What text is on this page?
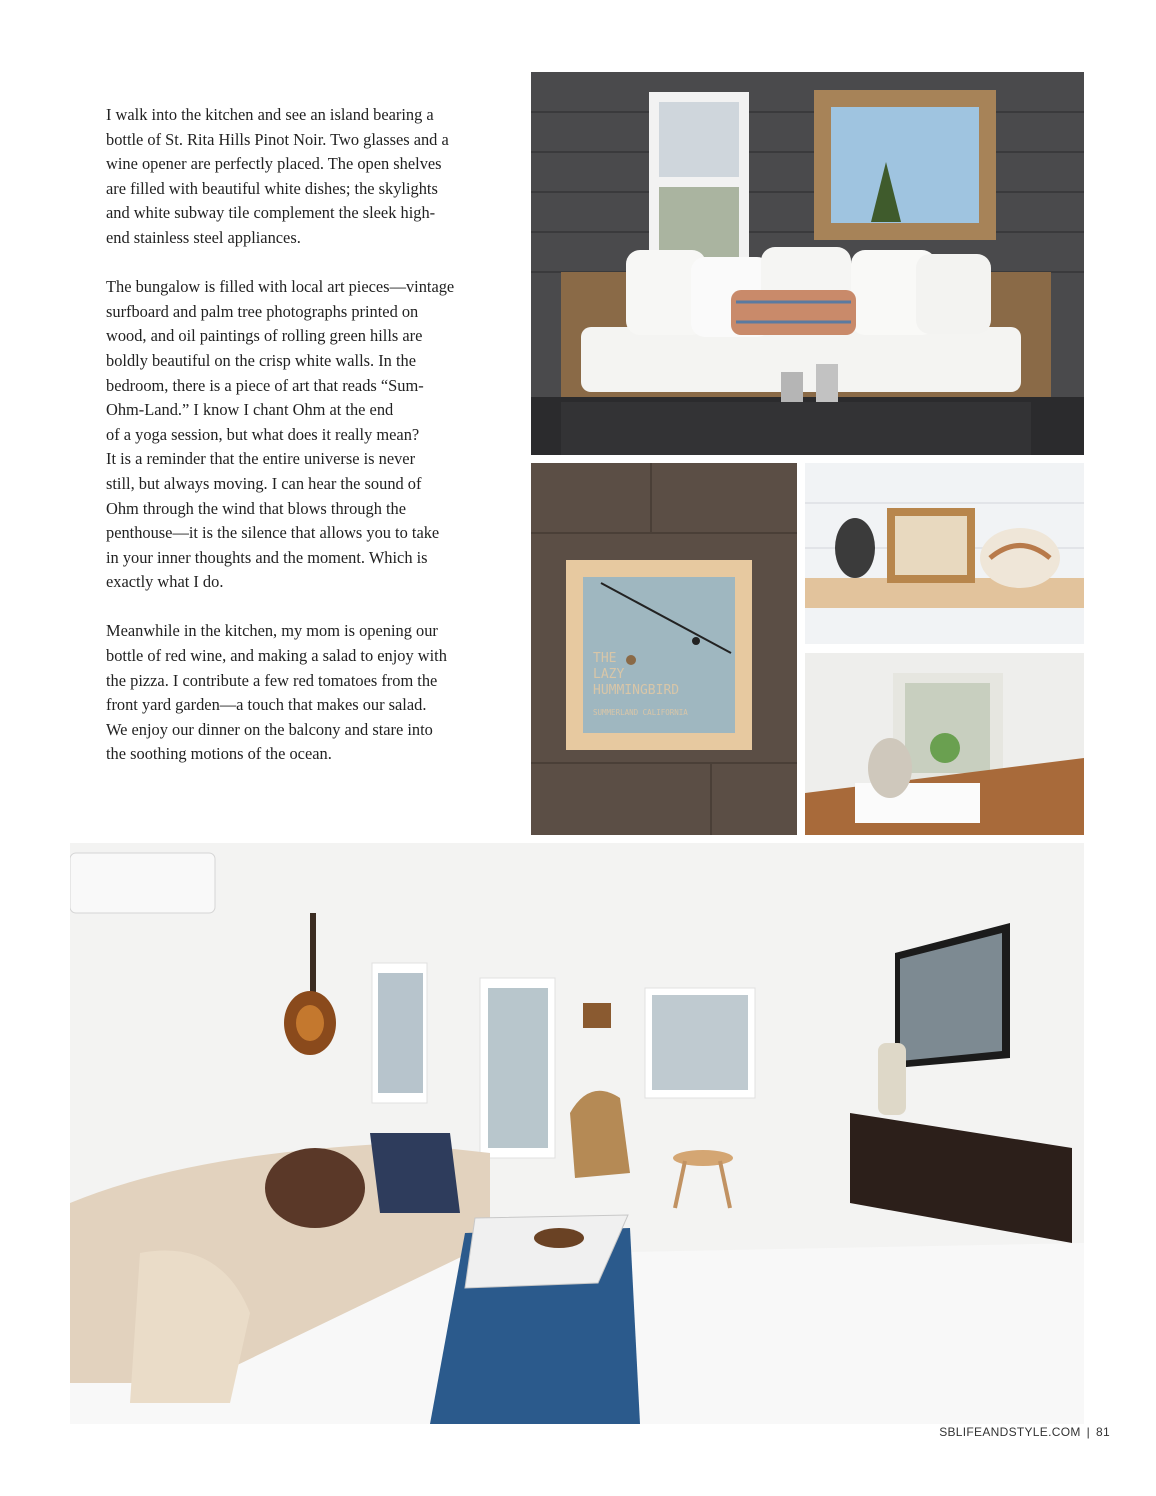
I walk into the kitchen and see an island bearing a
bottle of St. Rita Hills Pinot Noir. Two glasses and a
wine opener are perfectly placed. The open shelves
are filled with beautiful white dishes; the skylights
and white subway tile complement the sleek high-
end stainless steel appliances.

The bungalow is filled with local art pieces—vintage
surfboard and palm tree photographs printed on
wood, and oil paintings of rolling green hills are
boldly beautiful on the crisp white walls. In the
bedroom, there is a piece of art that reads “Sum-
Ohm-Land.” I know I chant Ohm at the end
of a yoga session, but what does it really mean?
It is a reminder that the entire universe is never
still, but always moving. I can hear the sound of
Ohm through the wind that blows through the
penthouse—it is the silence that allows you to take
in your inner thoughts and the moment. Which is
exactly what I do.

Meanwhile in the kitchen, my mom is opening our
bottle of red wine, and making a salad to enjoy with
the pizza. I contribute a few red tomatoes from the
front yard garden—a touch that makes our salad.
We enjoy our dinner on the balcony and stare into
the soothing motions of the ocean.

THE
LAZY
HUMMINGBIRD
SUMMERLAND CALIFORNIA
SBLIFEANDSTYLE.COM | 81
